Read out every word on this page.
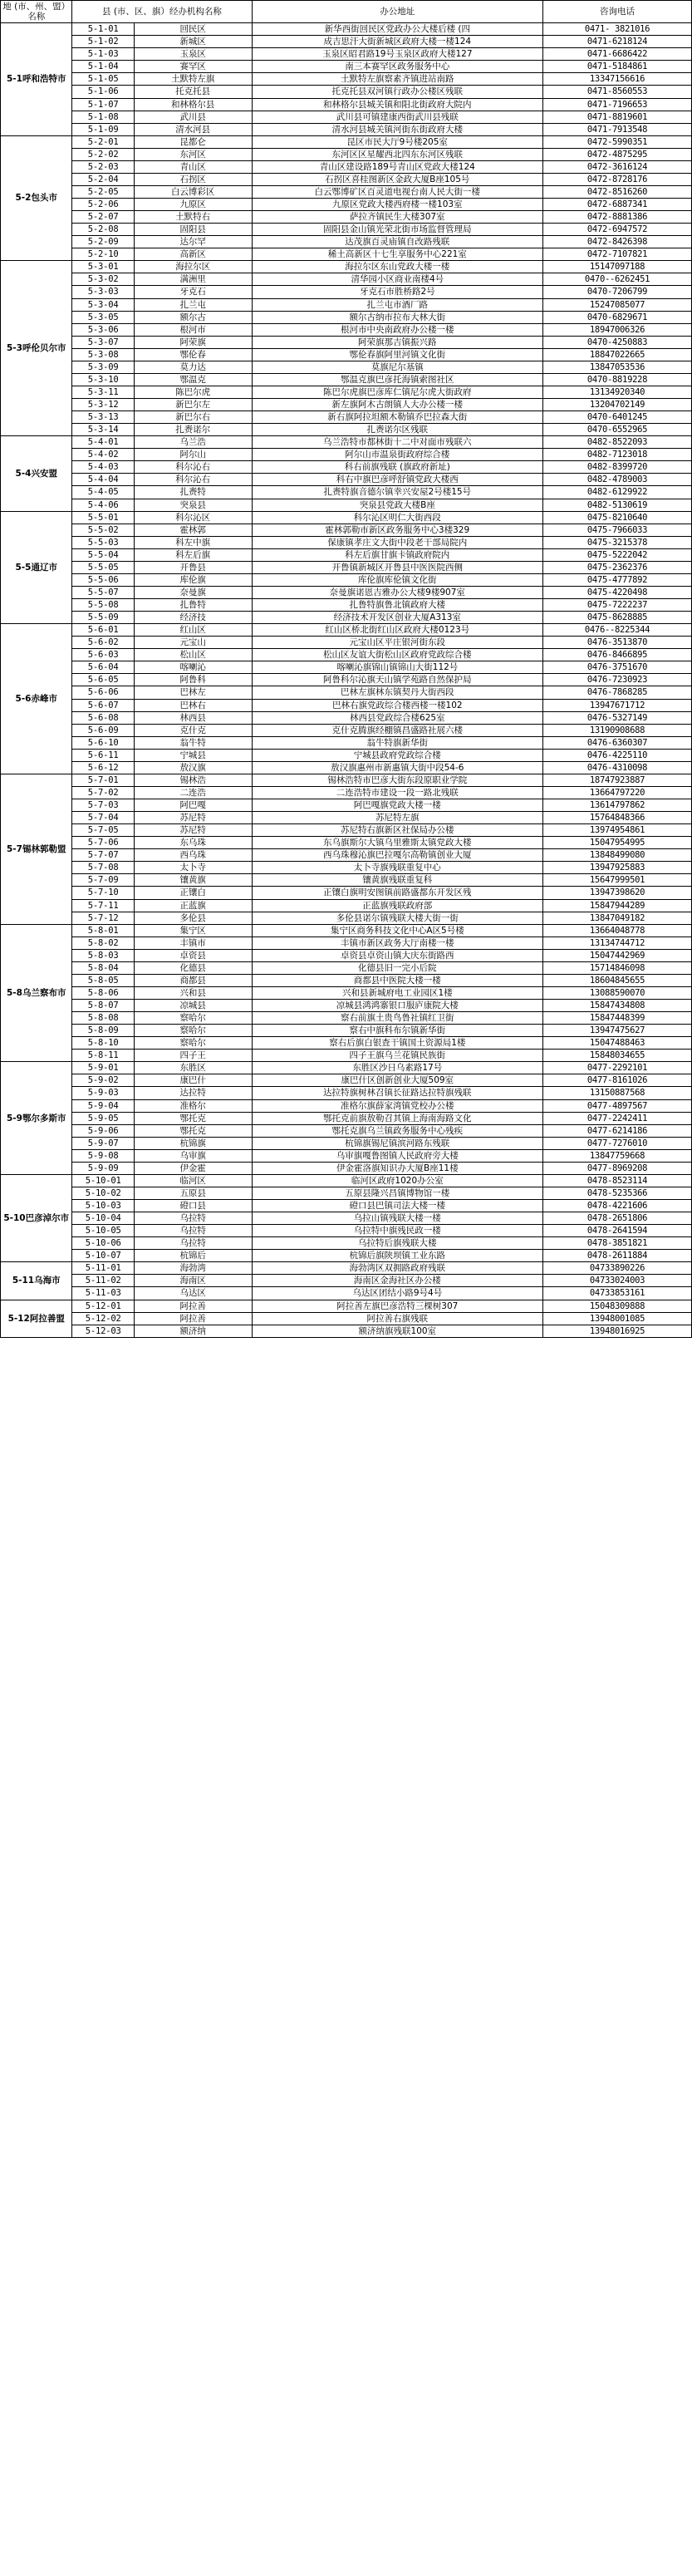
地 (市、州、盟）名称	县 (市、区、旗）经办机构名称		办公地址	咨询电话
5-1呼和浩特市	5-1-01	回民区	新华西街回民区党政办公大楼后楼 (四	0471- 3821016
	5-1-02	新城区	成吉思汗大街新城区政府大楼一楼124	0471-6218124
	5-1-03	玉泉区	玉泉区昭君路19号玉泉区政府大楼127	0471-6686422
	5-1-04	赛罕区	南三本赛罕区政务服务中心	0471-5184861
	5-1-05	土默特左旗	土默特左旗察素齐镇进站南路	13347156616
	5-1-06	托克托县	托克托县双河镇行政办公楼区残联	0471-8560553
	5-1-07	和林格尔县	和林格尔县城关镇和阳北街政府大院内	0471-7196653
	5-1-08	武川县	武川县可镇建康西街武川县残联	0471-8819601
	5-1-09	清水河县	清水河县城关镇河街东街政府大楼	0471-7913548
5-2包头市	5-2-01	昆都仑	昆区市民大厅9号楼205室	0472-5990351
	5-2-02	东河区	东河区区星耀西北四东东河区残联	0472-4875295
	5-2-03	青山区	青山区建设路189号青山区党政大楼124	0472-3616124
	5-2-04	石拐区	石拐区喜桂图新区金政大厦B座105号	0472-8728176
	5-2-05	白云博彩区	白云鄂博矿区百灵道电视台南人民大街一楼	0472-8516260
	5-2-06	九原区	九原区党政大楼西府楼一楼103室	0472-6887341
	5-2-07	土默特右	萨拉齐镇民生大楼307室	0472-8881386
	5-2-08	固阳县	固阳县金山镇光荣北街市场监督管理局	0472-6947572
	5-2-09	达尔罕	达茂旗百灵庙镇自改路残联	0472-8426398
	5-2-10	高新区	稀土高新区十七生享服务中心221室	0472-7107821
5-3呼伦贝尔市	5-3-01	海拉尔区	海拉尔区东山党政大楼一楼	15147097188
	5-3-02	满洲里	清华园小区商业南楼4号	0470--6262451
	5-3-03	牙克石	牙克石市胜桥路2号	0470-7206799
	5-3-04	扎兰屯	扎兰屯市酒厂路	15247085077
	5-3-05	额尔古	额尔古纳市拉布大林大街	0470-6829671
	5-3-06	根河市	根河市中央南政府办公楼一楼	18947006326
	5-3-07	阿荣旗	阿荣旗那吉镇振兴路	0470-4250883
	5-3-08	鄂伦春	鄂伦春旗阿里河镇文化街	18847022665
	5-3-09	莫力达	莫旗尼尔基镇	13847053536
	5-3-10	鄂温克	鄂温克旗巴彦托海镇索图社区	0470-8819228
	5-3-11	陈巴尔虎	陈巴尔虎旗巴彦库仁镇尼尔虎大街政府	13134920340
	5-3-12	新巴尔左	新左旗阿木古朗镇人大办公楼一楼	13204702149
	5-3-13	新巴尔右	新右旗阿拉坦额木勒镇乔巴拉森大街	0470-6401245
	5-3-14	扎赉诺尔	扎赉诺尔区残联	0470-6552965
5-4兴安盟	5-4-01	乌兰浩	乌兰浩特市都林街十二中对面市残联六	0482-8522093
	5-4-02	阿尔山	阿尔山市温泉街政府综合楼	0482-7123018
	5-4-03	科尔沁右	科右前旗残联 (旗政府新址)	0482-8399720
	5-4-04	科尔沁右	科右中旗巴彦呼舒镇党政大楼西	0482-4789003
	5-4-05	扎赉特	扎赉特旗音德尔镇幸兴安屋2号楼15号	0482-6129922
	5-4-06	突泉县	突泉县党政大楼B座	0482-5130619
5-5通辽市	5-5-01	科尔沁区	科尔沁区明仁大街西段	0475-8210640
	5-5-02	霍林郭	霍林郭勒市新区政务服务中心3楼329	0475-7966033
	5-5-03	科左中旗	保康镇孝庄文大街中段老干部局院内	0475-3215378
	5-5-04	科左后旗	科左后旗甘旗卡镇政府院内	0475-5222042
	5-5-05	开鲁县	开鲁镇新城区开鲁县中医医院西侧	0475-2362376
	5-5-06	库伦旗	库伦旗库伦镇文化街	0475-4777892
	5-5-07	奈曼旗	奈曼旗诺恩吉雅办公大楼9楼907室	0475-4220498
	5-5-08	扎鲁特	扎鲁特旗鲁北镇政府大楼	0475-7222237
	5-5-09	经济技	经济技术开发区创业大厦A313室	0475-8628885
5-6赤峰市	5-6-01	红山区	红山区桥北街红山区政府大楼0123号	0476--8225344
	5-6-02	元宝山	元宝山区平庄银河街东段	0476-3513870
	5-6-03	松山区	松山区友谊大街松山区政府党政综合楼	0476-8466895
	5-6-04	喀喇沁	喀喇沁旗锦山镇锦山大街112号	0476-3751670
	5-6-05	阿鲁科	阿鲁科尔沁旗天山镇学苑路自然保护局	0476-7230923
	5-6-06	巴林左	巴林左旗林东镇契丹大街西段	0476-7868285
	5-6-07	巴林右	巴林右旗党政综合楼西楼一楼102	13947671712
	5-6-08	林西县	林西县党政综合楼625室	0476-5327149
	5-6-09	克什克	克什克腾旗经棚镇昌盛路社展六楼	13190908688
	5-6-10	翁牛特	翁牛特旗新华街	0476-6360307
	5-6-11	宁城县	宁城县政府党政综合楼	0476-4225110
	5-6-12	敖汉旗	敖汉旗惠州市新惠镇大街中段54-6	0476-4310098
5-7锡林郭勒盟	5-7-01	锡林浩	锡林浩特市巴彦大街东段原职业学院	18747923887
	5-7-02	二连浩	二连浩特市建设一段一路北残联	13664797220
	5-7-03	阿巴嘎	阿巴嘎旗党政大楼一楼	13614797862
	5-7-04	苏尼特	苏尼特左旗	15764848366
	5-7-05	苏尼特	苏尼特右旗新区社保局办公楼	13974954861
	5-7-06	东乌珠	东乌旗斯尔大镇乌里雅斯太镇党政大楼	15047954995
	5-7-07	西乌珠	西乌珠穆沁旗巴拉嘎尔高勒镇创业大厦	13848499080
	5-7-08	太卜寺	太卜寺旗残联重复中心	13947925883
	5-7-09	镶黄旗	镶黄旗残联重复科	15647999501
	5-7-10	正镶白	正镶白旗明安图镇前路盛都东开发区残	13947398620
	5-7-11	正蓝旗	正蓝旗残联政府部	15847944289
	5-7-12	多伦县	多伦县诺尔镇残联大楼大街一街	13847049182
5-8乌兰察布市	5-8-01	集宁区	集宁区商务科技文化中心A区5号楼	13664048778
	5-8-02	丰镇市	丰镇市新区政务大厅南楼一楼	13134744712
	5-8-03	卓资县	卓资县卓资山镇大庆东街路西	15047442969
	5-8-04	化德县	化德县旧一完小后院	15714846098
	5-8-05	商都县	商都县中医院大楼一楼	18604845655
	5-8-06	兴和县	兴和县新城府电工业园区1楼	13088590070
	5-8-07	凉城县	凉城县鸿鸿寨银口服庐康院大楼	15847434808
	5-8-08	察哈尔	察右前旗土贵鸟鲁社镇红卫街	15847448399
	5-8-09	察哈尔	察右中旗科布尔镇新华街	13947475627
	5-8-10	察哈尔	察右后旗白银查干镇国土资源局1楼	15047488463
	5-8-11	四子王	四子王旗乌兰花镇民族街	15848034655
5-9鄂尔多斯市	5-9-01	东胜区	东胜区沙日乌素路17号	0477-2292101
	5-9-02	康巴什	康巴什区创新创业大厦509室	0477-8161026
	5-9-03	达拉特	达拉特旗树林召镇长征路达拉特旗残联	13150887568
	5-9-04	准格尔	准格尔旗薛家湾镇党校办公楼	0477-4897567
	5-9-05	鄂托克	鄂托克前旗敖勒召其镇上海南海路文化	0477-2242411
	5-9-06	鄂托克	鄂托克旗乌兰镇政务服务中心残疾	0477-6214186
	5-9-07	杭锦旗	杭锦旗锡尼镇滨河路东残联	0477-7276010
	5-9-08	乌审旗	乌审旗嘎鲁图镇人民政府旁大楼	13847759668
	5-9-09	伊金霍	伊金霍洛旗知识办大厦B座11楼	0477-8969208
5-10巴彦淖尔市	5-10-01	临河区	临河区政府1020办公室	0478-8523114
	5-10-02	五原县	五原县隆兴昌镇博物馆一楼	0478-5235366
	5-10-03	磴口县	磴口县巴镇司法大楼一楼	0478-4221606
	5-10-04	乌拉特	乌拉山镇残联大楼一楼	0478-2651806
	5-10-05	乌拉特	乌拉特中旗残民政一楼	0478-2641594
	5-10-06	乌拉特	乌拉特后旗残联大楼	0478-3851821
	5-10-07	杭锦后	杭锦后旗陕坝镇工业东路	0478-2611884
5-11乌海市	5-11-01	海勃湾	海勃湾区双拥路政府残联	04733890226
	5-11-02	海南区	海南区金海社区办公楼	04733024003
	5-11-03	乌达区	乌达区团结小路9号4号	04733853161
5-12阿拉善盟	5-12-01	阿拉善	阿拉善左旗巴彦浩特三棵树307	15048309888
	5-12-02	阿拉善	阿拉善右旗残联	13948001085
	5-12-03	额济纳	额济纳旗残联100室	13948016925
